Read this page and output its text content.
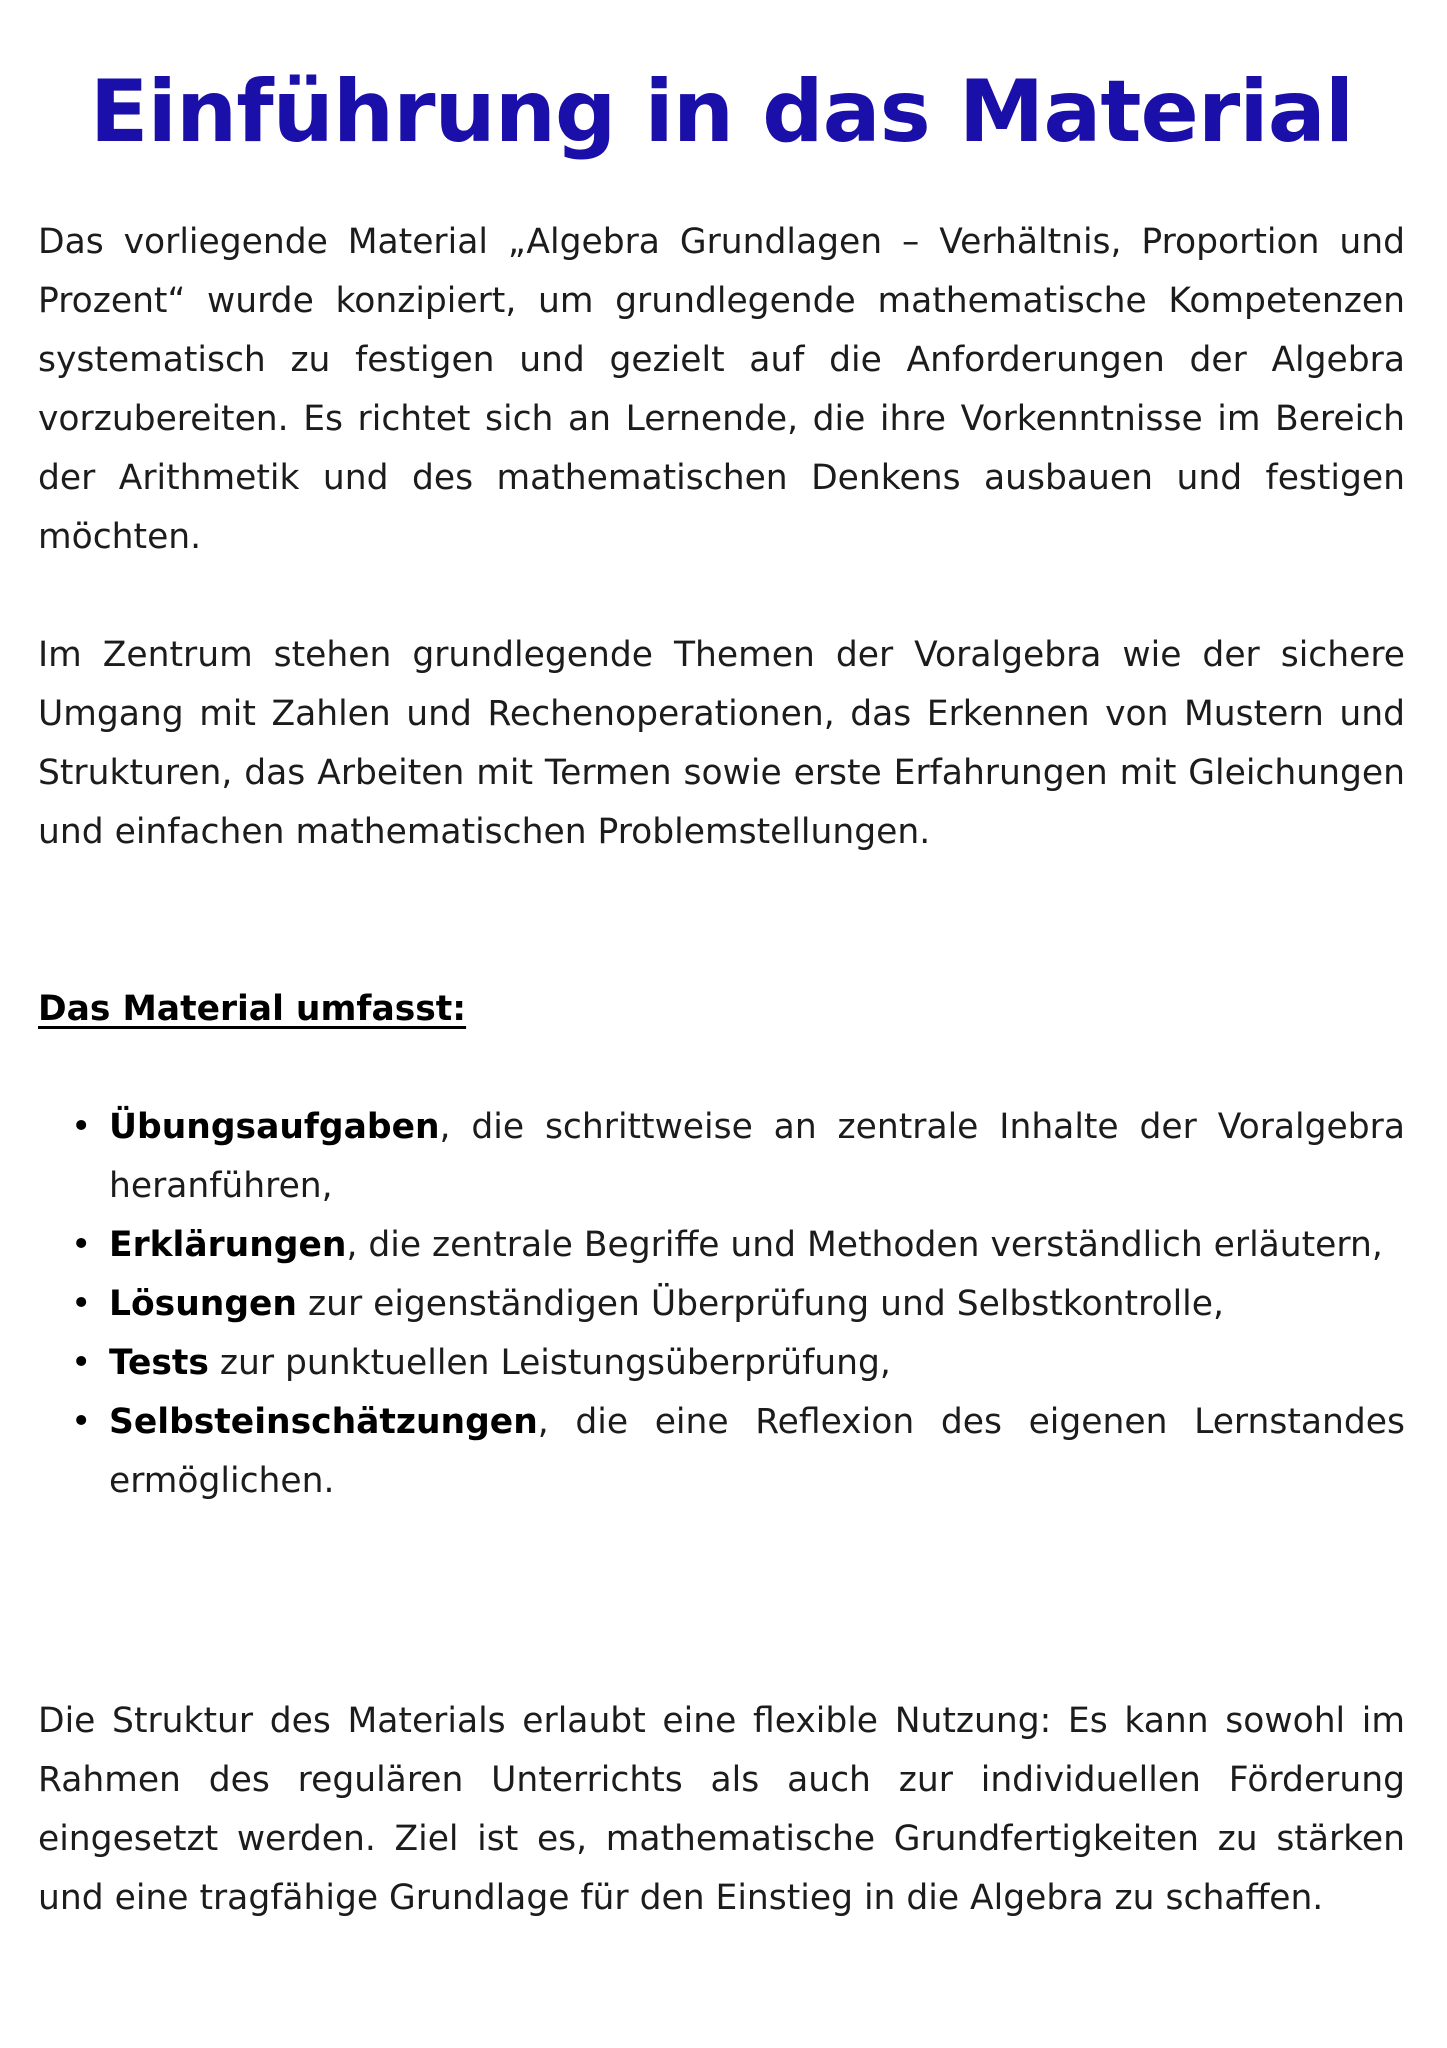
Einführung in das Material

Das vorliegende Material „Algebra Grundlagen – Verhältnis, Proportion und Prozent“ wurde konzipiert, um grundlegende mathematische Kompetenzen systematisch zu festigen und gezielt auf die Anforderungen der Algebra vorzubereiten. Es richtet sich an Lernende, die ihre Vorkenntnisse im Bereich der Arithmetik und des mathematischen Denkens ausbauen und festigen möchten.

Im Zentrum stehen grundlegende Themen der Voralgebra wie der sichere Umgang mit Zahlen und Rechenoperationen, das Erkennen von Mustern und Strukturen, das Arbeiten mit Termen sowie erste Erfahrungen mit Gleichungen und einfachen mathematischen Problemstellungen.

Das Material umfasst:

• Übungsaufgaben, die schrittweise an zentrale Inhalte der Voralgebra heranführen,
• Erklärungen, die zentrale Begriffe und Methoden verständlich erläutern,
• Lösungen zur eigenständigen Überprüfung und Selbstkontrolle,
• Tests zur punktuellen Leistungsüberprüfung,
• Selbsteinschätzungen, die eine Reflexion des eigenen Lernstandes ermöglichen.

Die Struktur des Materials erlaubt eine flexible Nutzung: Es kann sowohl im Rahmen des regulären Unterrichts als auch zur individuellen Förderung eingesetzt werden. Ziel ist es, mathematische Grundfertigkeiten zu stärken und eine tragfähige Grundlage für den Einstieg in die Algebra zu schaffen.
